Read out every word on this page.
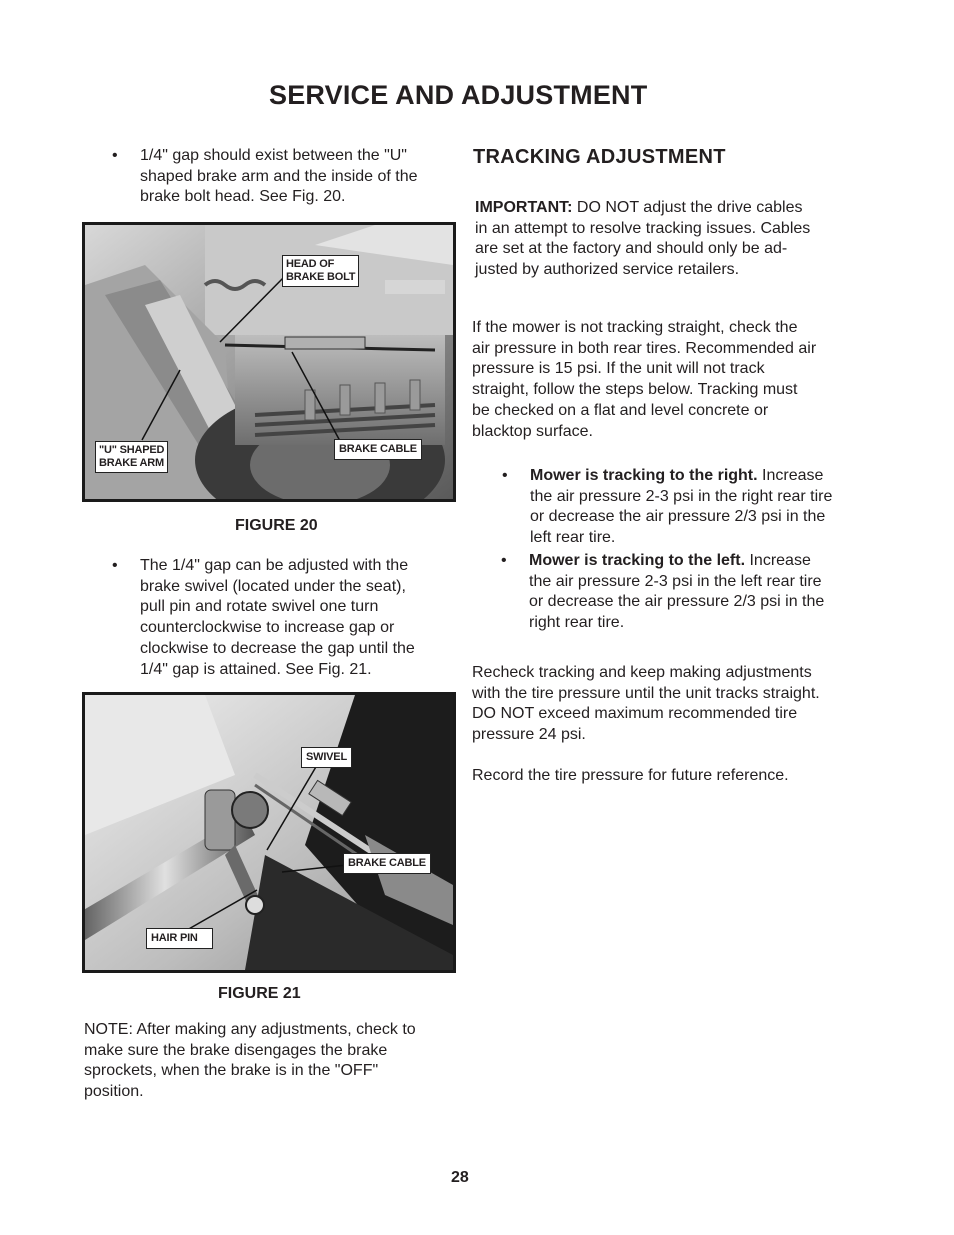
SERVICE AND ADJUSTMENT
• 1/4" gap should exist between the "U"
shaped brake arm and the inside of the
brake bolt head. See Fig. 20.
HEAD OF
BRAKE BOLT
"U" SHAPED
BRAKE ARM
BRAKE CABLE
FIGURE 20
• The 1/4" gap can be adjusted with the
brake swivel (located under the seat),
pull pin and rotate swivel one turn
counterclockwise to increase gap or
clockwise to decrease the gap until the
1/4" gap is attained. See Fig. 21.
SWIVEL
BRAKE CABLE
HAIR PIN
FIGURE 21
NOTE: After making any adjustments, check to
make sure the brake disengages the brake
sprockets, when the brake is in the "OFF"
position.
TRACKING ADJUSTMENT
IMPORTANT: DO NOT adjust the drive cables
in an attempt to resolve tracking issues. Cables
are set at the factory and should only be ad-
justed by authorized service retailers.
If the mower is not tracking straight, check the
air pressure in both rear tires. Recommended air
pressure is 15 psi. If the unit will not track
straight, follow the steps below. Tracking must
be checked on a flat and level concrete or
blacktop surface.
• Mower is tracking to the right. Increase
the air pressure 2-3 psi in the right rear tire
or decrease the air pressure 2/3 psi in the
left rear tire.
• Mower is tracking to the left. Increase
the air pressure 2-3 psi in the left rear tire
or decrease the air pressure 2/3 psi in the
right rear tire.
Recheck tracking and keep making adjustments
with the tire pressure until the unit tracks straight.
DO NOT exceed maximum recommended tire
pressure 24 psi.
Record the tire pressure for future reference.
28
